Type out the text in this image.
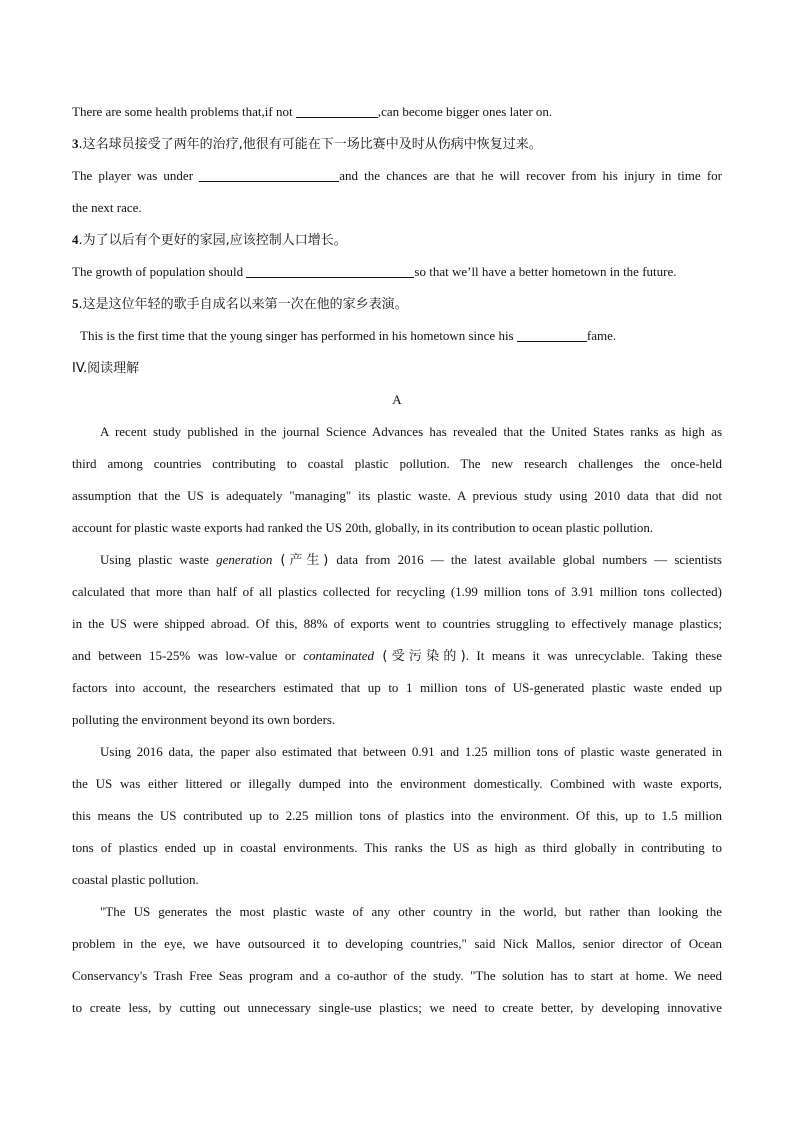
There are some health problems that,if not	,can become bigger ones later on.
3.这名球员接受了两年的治疗,他很有可能在下一场比赛中及时从伤病中恢复过来。
The player was under	and the chances are that he will recover from his injury in time for
the next race.
4.为了以后有个更好的家园,应该控制人口增长。
The growth of population should	so that we’ll have a better hometown in the future.
5.这是这位年轻的歌手自成名以来第一次在他的家乡表演。
This is the first time that the young singer has performed in his hometown since his	fame.
IV.阅读理解
A
A recent study published in the journal Science Advances has revealed that the United States ranks as high as
third among countries contributing to coastal plastic pollution. The new research challenges the once-held
assumption that the US is adequately "managing" its plastic waste. A previous study using 2010 data that did not
account for plastic waste exports had ranked the US 20th, globally, in its contribution to ocean plastic pollution.
Using plastic waste generation (产生) data from 2016 — the latest available global numbers — scientists
calculated that more than half of all plastics collected for recycling (1.99 million tons of 3.91 million tons collected)
in the US were shipped abroad. Of this, 88% of exports went to countries struggling to effectively manage plastics;
and between 15-25% was low-value or contaminated (受污染的). It means it was unrecyclable. Taking these
factors into account, the researchers estimated that up to 1 million tons of US-generated plastic waste ended up
polluting the environment beyond its own borders.
Using 2016 data, the paper also estimated that between 0.91 and 1.25 million tons of plastic waste generated in
the US was either littered or illegally dumped into the environment domestically. Combined with waste exports,
this means the US contributed up to 2.25 million tons of plastics into the environment. Of this, up to 1.5 million
tons of plastics ended up in coastal environments. This ranks the US as high as third globally in contributing to
coastal plastic pollution.
"The US generates the most plastic waste of any other country in the world, but rather than looking the
problem in the eye, we have outsourced it to developing countries," said Nick Mallos, senior director of Ocean
Conservancy's Trash Free Seas program and a co-author of the study. "The solution has to start at home. We need
to create less, by cutting out unnecessary single-use plastics; we need to create better, by developing innovative
